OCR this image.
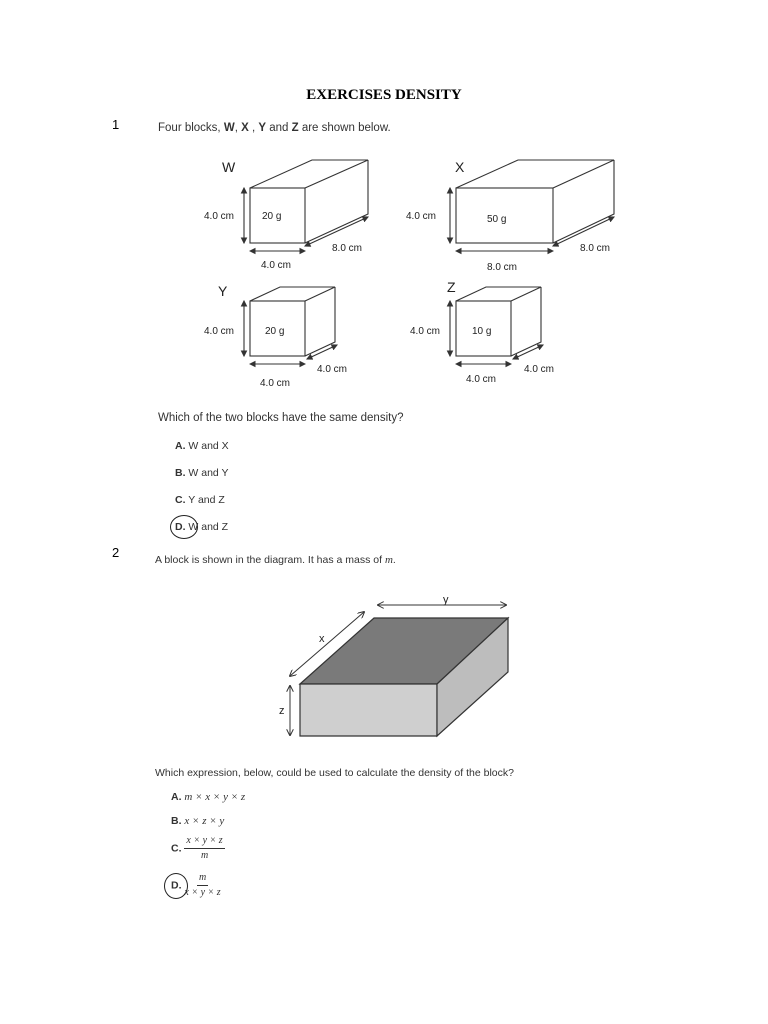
EXERCISES DENSITY
1	Four blocks, W, X , Y and Z are shown below.
W
4.0 cm	20 g
8.0 cm
4.0 cm
X
4.0 cm	50 g
8.0 cm
8.0 cm
Y
4.0 cm	20 g
4.0 cm
4.0 cm
Z
4.0 cm	10 g
4.0 cm
4.0 cm
Which of the two blocks have the same density?
A. W and X
B. W and Y
C. Y and Z
D. W and Z
2	A block is shown in the diagram. It has a mass of m.
y
x
z
Which expression, below, could be used to calculate the density of the block?
A. m × x × y × z
B. x × z × y
C. $\frac{x \times y \times z}{m}$
D. $\frac{m}{x \times y \times z}$
